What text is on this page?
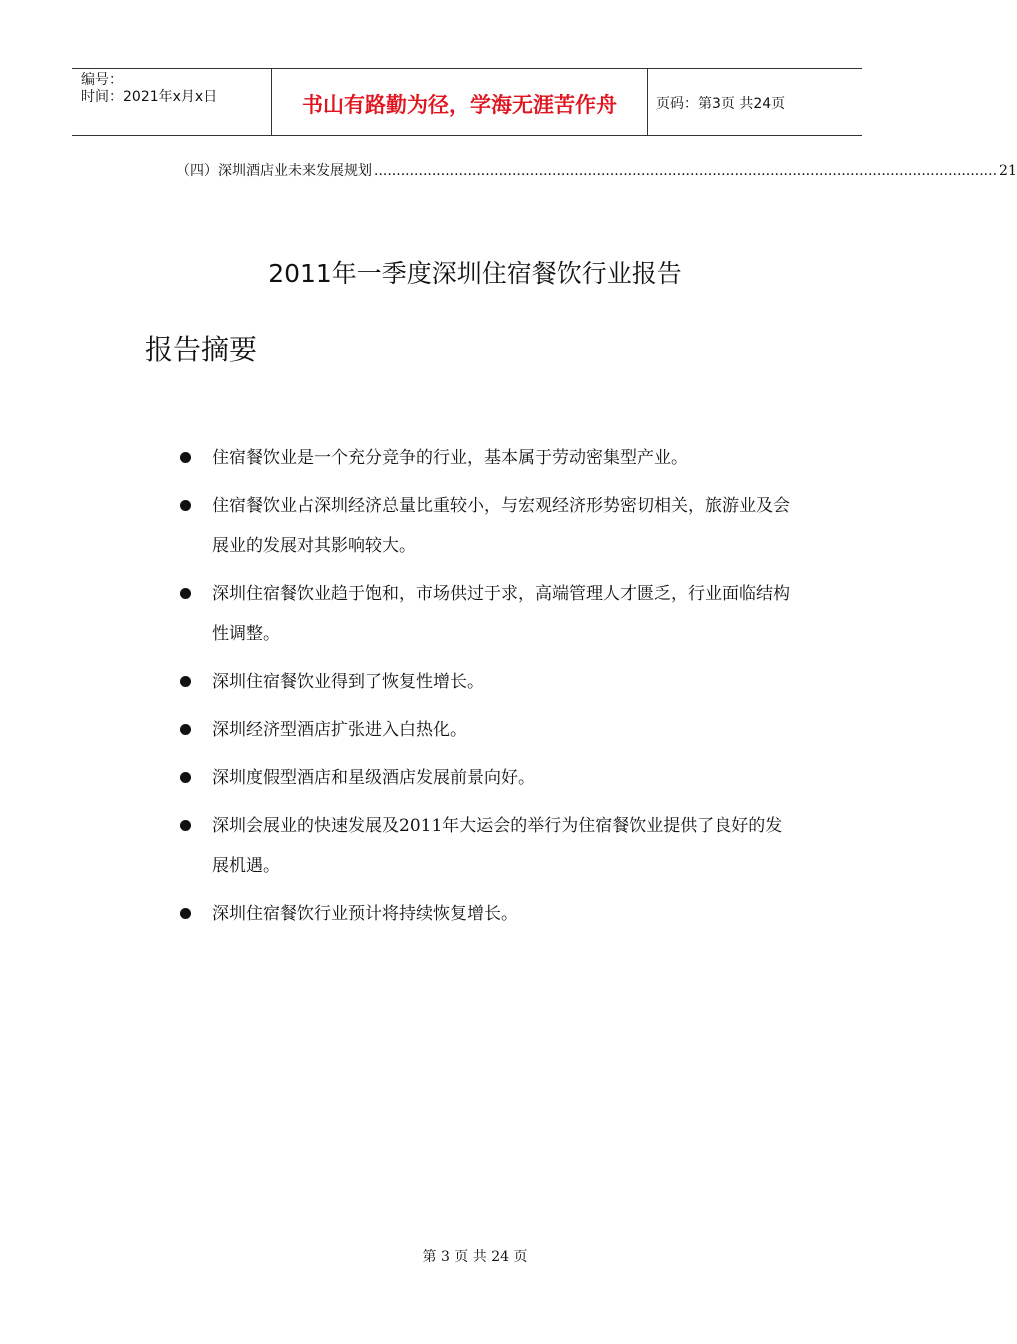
编号：
时间：2021年x月x日	书山有路勤为径，学海无涯苦作舟	页码：第3页 共24页
（四）深圳酒店业未来发展规划 ............................................................................................................................................ 21
2011年一季度深圳住宿餐饮行业报告
报告摘要
住宿餐饮业是一个充分竞争的行业，基本属于劳动密集型产业。
住宿餐饮业占深圳经济总量比重较小，与宏观经济形势密切相关，旅游业及会展业的发展对其影响较大。
深圳住宿餐饮业趋于饱和，市场供过于求，高端管理人才匮乏，行业面临结构性调整。
深圳住宿餐饮业得到了恢复性增长。
深圳经济型酒店扩张进入白热化。
深圳度假型酒店和星级酒店发展前景向好。
深圳会展业的快速发展及2011年大运会的举行为住宿餐饮业提供了良好的发展机遇。
深圳住宿餐饮行业预计将持续恢复增长。
第 3 页 共 24 页
